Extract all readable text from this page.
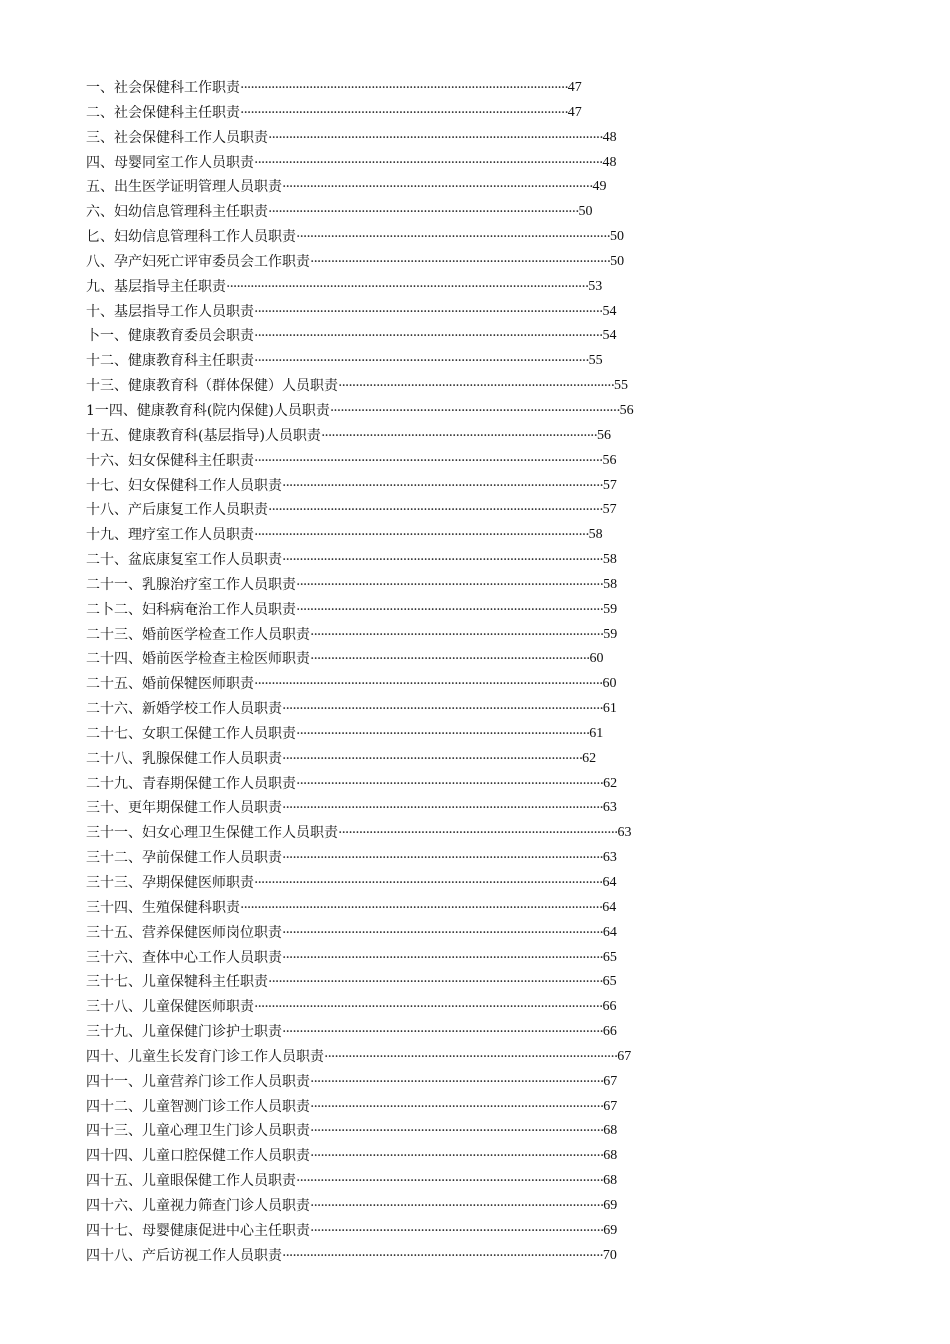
一、社会保健科工作职责·······························································································47
二、社会保健科主任职责·······························································································47
三、社会保健科工作人员职责·································································································48
四、母婴同室工作人员职责·····································································································48
五、出生医学证明管理人员职责··························································································49
六、妇幼信息管理科主任职责··························································································50
匕、妇幼信息管理科工作人员职责···························································································50
八、孕产妇死亡评审委员会工作职责·······················································································50
九、基层指导主任职责·········································································································53
十、基层指导工作人员职责·····································································································54
卜一、健康教育委员会职责·····································································································54
十二、健康教育科主任职责·································································································55
十三、健康教育科（群体保健）人员职责················································································55
1一四、健康教育科(院内保健)人员职责····················································································56
十五、健康教育科(基层指导)人员职责················································································56
十六、妇女保健科主任职责·····································································································56
十七、妇女保健科工作人员职责·····························································································57
十八、产后康复工作人员职责·································································································57
十九、理疗室工作人员职责·································································································58
二十、盆底康复室工作人员职责·····························································································58
二十一、乳腺治疗室工作人员职责·························································································58
二卜二、妇科病奄治工作人员职责·························································································59
二十三、婚前医学检查工作人员职责·····················································································59
二十四、婚前医学检查主检医师职责·················································································60
二十五、婚前保犍医师职责·····································································································60
二十六、新婚学校工作人员职责·····························································································61
二十七、女职工保健工作人员职责·····················································································61
二十八、乳腺保健工作人员职责·······················································································62
二十九、青春期保健工作人员职责·························································································62
三十、更年期保健工作人员职责·····························································································63
三十一、妇女心理卫生保健工作人员职责·················································································63
三十二、孕前保健工作人员职责·····························································································63
三十三、孕期保健医师职责·····································································································64
三十四、生殖保健科职责·········································································································64
三十五、营养保健医师岗位职责·····························································································64
三十六、查体中心工作人员职责·····························································································65
三十七、儿童保犍科主任职责·································································································65
三十八、儿童保健医师职责·····································································································66
三十九、儿童保健门诊护士职责·····························································································66
四十、儿童生长发育门诊工作人员职责·····················································································67
四十一、儿童营养门诊工作人员职责·····················································································67
四十二、儿童智测门诊工作人员职责·····················································································67
四十三、儿童心理卫生门诊人员职责·····················································································68
四十四、儿童口腔保健工作人员职责·····················································································68
四十五、儿童眼保健工作人员职责·························································································68
四十六、儿童视力筛查门诊人员职责·····················································································69
四十七、母婴健康促进中心主任职责·····················································································69
四十八、产后访视工作人员职责·····························································································70
